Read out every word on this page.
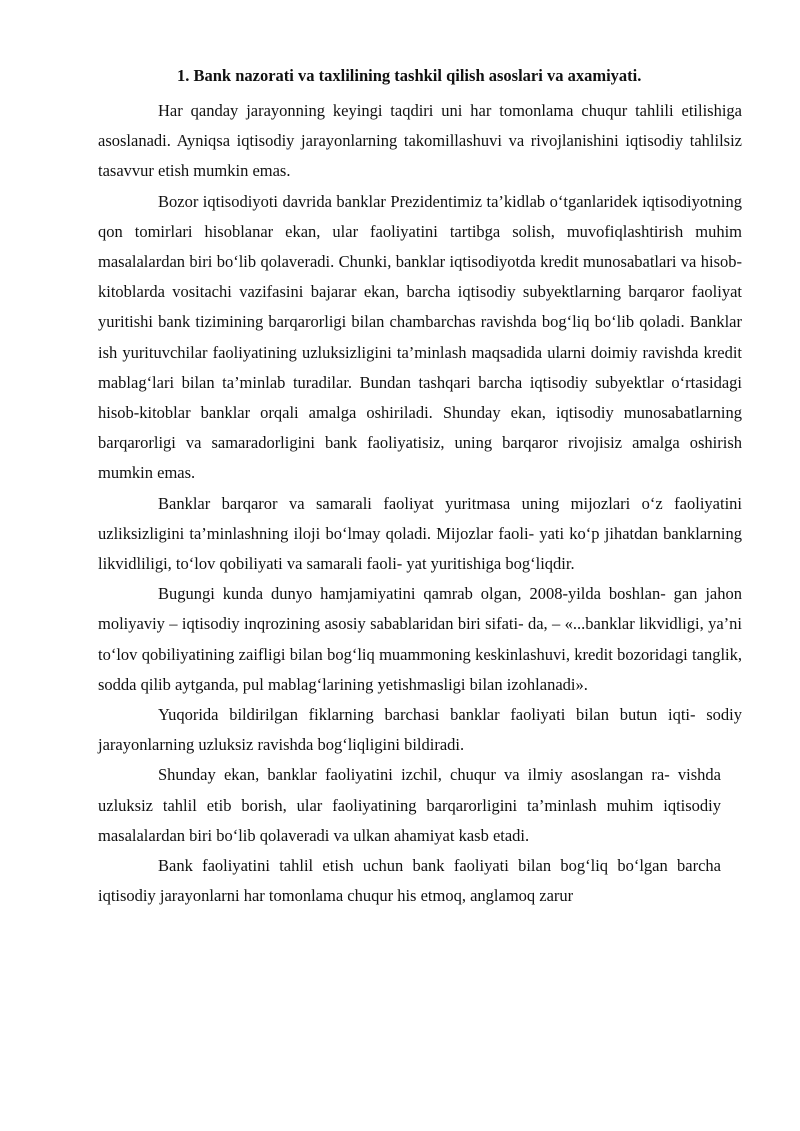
1. Bank nazorati va taxlilining tashkil qilish asoslari va axamiyati.

Har qanday jarayonning keyingi taqdiri uni har tomonlama chuqur tahlili etilishiga asoslanadi. Ayniqsa iqtisodiy jarayonlarning takomillashuvi va rivojlanishini iqtisodiy tahlilsiz tasavvur etish mumkin emas.

Bozor iqtisodiyoti davrida banklar Prezidentimiz ta’kidlab o‘tganlaridek iqtisodiyotning qon tomirlari hisoblanar ekan, ular faoliyatini tartibga solish, muvofiqlashtirish muhim masalalardan biri bo‘lib qolaveradi. Chunki, banklar iqtisodiyotda kredit munosabatlari va hisob-kitoblarda vositachi vazifasini bajarar ekan, barcha iqtisodiy subyektlarning barqaror faoliyat yuritishi bank tizimining barqarorligi bilan chambarchas ravishda bog‘liq bo‘lib qoladi. Banklar ish yurituvchilar faoliyatining uzluksizligini ta’minlash maqsadida ularni doimiy ravishda kredit mablag‘lari bilan ta’minlab turadilar. Bundan tashqari barcha iqtisodiy subyektlar o‘rtasidagi hisob-kitoblar banklar orqali amalga oshiriladi. Shunday ekan, iqtisodiy munosabatlarning barqarorligi va samaradorligini bank faoliyatisiz, uning barqaror rivojisiz amalga oshirish mumkin emas.

Banklar barqaror va samarali faoliyat yuritmasa uning mijozlari o‘z faoliyatini uzliksizligini ta’minlashning iloji bo‘lmay qoladi. Mijozlar faoli- yati ko‘p jihatdan banklarning likvidliligi, to‘lov qobiliyati va samarali faoli- yat yuritishiga bog‘liqdir.

Bugungi kunda dunyo hamjamiyatini qamrab olgan, 2008-yilda boshlan- gan jahon moliyaviy – iqtisodiy inqrozining asosiy sabablaridan biri sifati- da, – «...banklar likvidligi, ya’ni to‘lov qobiliyatining zaifligi bilan bog‘liq muammoning keskinlashuvi, kredit bozoridagi tanglik, sodda qilib aytganda, pul mablag‘larining yetishmasligi bilan izohlanadi».

Yuqorida bildirilgan fiklarning barchasi banklar faoliyati bilan butun iqti- sodiy jarayonlarning uzluksiz ravishda bog‘liqligini bildiradi.

Shunday ekan, banklar faoliyatini izchil, chuqur va ilmiy asoslangan ra- vishda uzluksiz tahlil etib borish, ular faoliyatining barqarorligini ta’minlash muhim iqtisodiy masalalardan biri bo‘lib qolaveradi va ulkan ahamiyat kasb etadi.

Bank faoliyatini tahlil etish uchun bank faoliyati bilan bog‘liq bo‘lgan barcha iqtisodiy jarayonlarni har tomonlama chuqur his etmoq, anglamoq zarur
